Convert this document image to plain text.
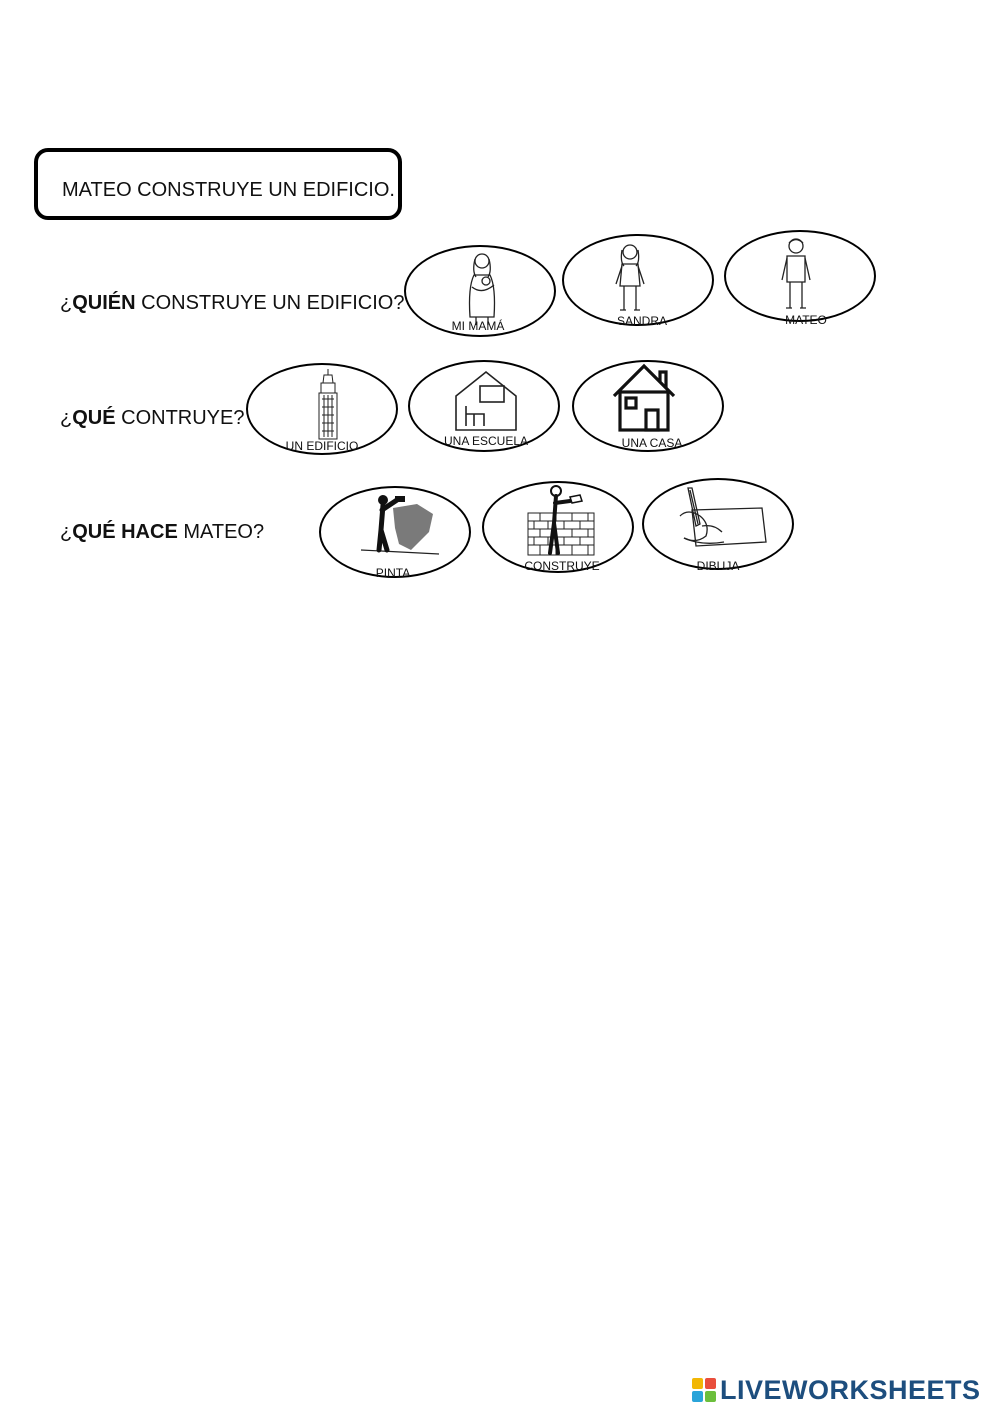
MATEO CONSTRUYE UN EDIFICIO.
¿QUIÉN CONSTRUYE UN EDIFICIO?
¿QUÉ CONTRUYE?
¿QUÉ HACE MATEO?
MI MAMÁ	SANDRA	MATEO
UN EDIFICIO	UNA ESCUELA	UNA CASA
PINTA	CONSTRUYE	DIBUJA
LIVEWORKSHEETS
